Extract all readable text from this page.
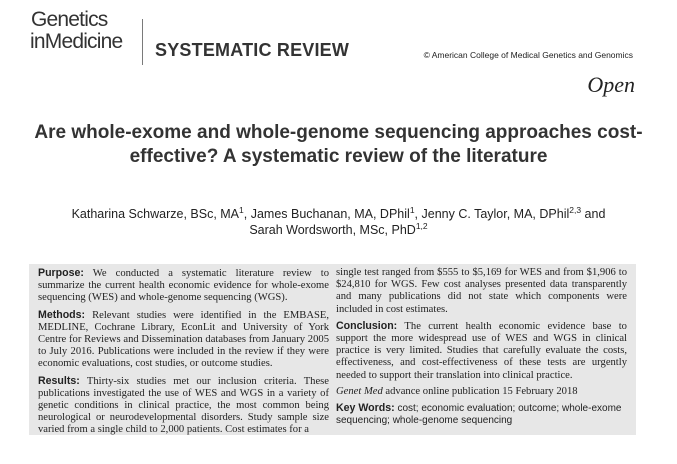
Genetics
inMedicine SYSTEMATIC REVIEW	© American College of Medical Genetics and Genomics
Open
Are whole-exome and whole-genome sequencing approaches cost-effective? A systematic review of the literature

Katharina Schwarze, BSc, $MA^1$, James Buchanan, MA, DPhil$^1$, Jenny C. Taylor, MA, DPhil$^{2,3}$ and
Sarah Wordsworth, MSc, PhD$^{1,2}$

Purpose: We conducted a systematic literature review to summarize the current health economic evidence for whole-exome sequencing (WES) and whole-genome sequencing (WGS).

Methods: Relevant studies were identified in the EMBASE, MEDLINE, Cochrane Library, EconLit and University of York Centre for Reviews and Dissemination databases from January 2005 to July 2016. Publications were included in the review if they were economic evaluations, cost studies, or outcome studies.

Results: Thirty-six studies met our inclusion criteria. These publications investigated the use of WES and WGS in a variety of genetic conditions in clinical practice, the most common being neurological or neurodevelopmental disorders. Study sample size varied from a single child to 2,000 patients. Cost estimates for a

single test ranged from $555 to $5,169 for WES and from $1,906 to $24,810 for WGS. Few cost analyses presented data transparently and many publications did not state which components were included in cost estimates.

Conclusion: The current health economic evidence base to support the more widespread use of WES and WGS in clinical practice is very limited. Studies that carefully evaluate the costs, effectiveness, and cost-effectiveness of these tests are urgently needed to support their translation into clinical practice.

Genet Med advance online publication 15 February 2018

Key Words: cost; economic evaluation; outcome; whole-exome sequencing; whole-genome sequencing
